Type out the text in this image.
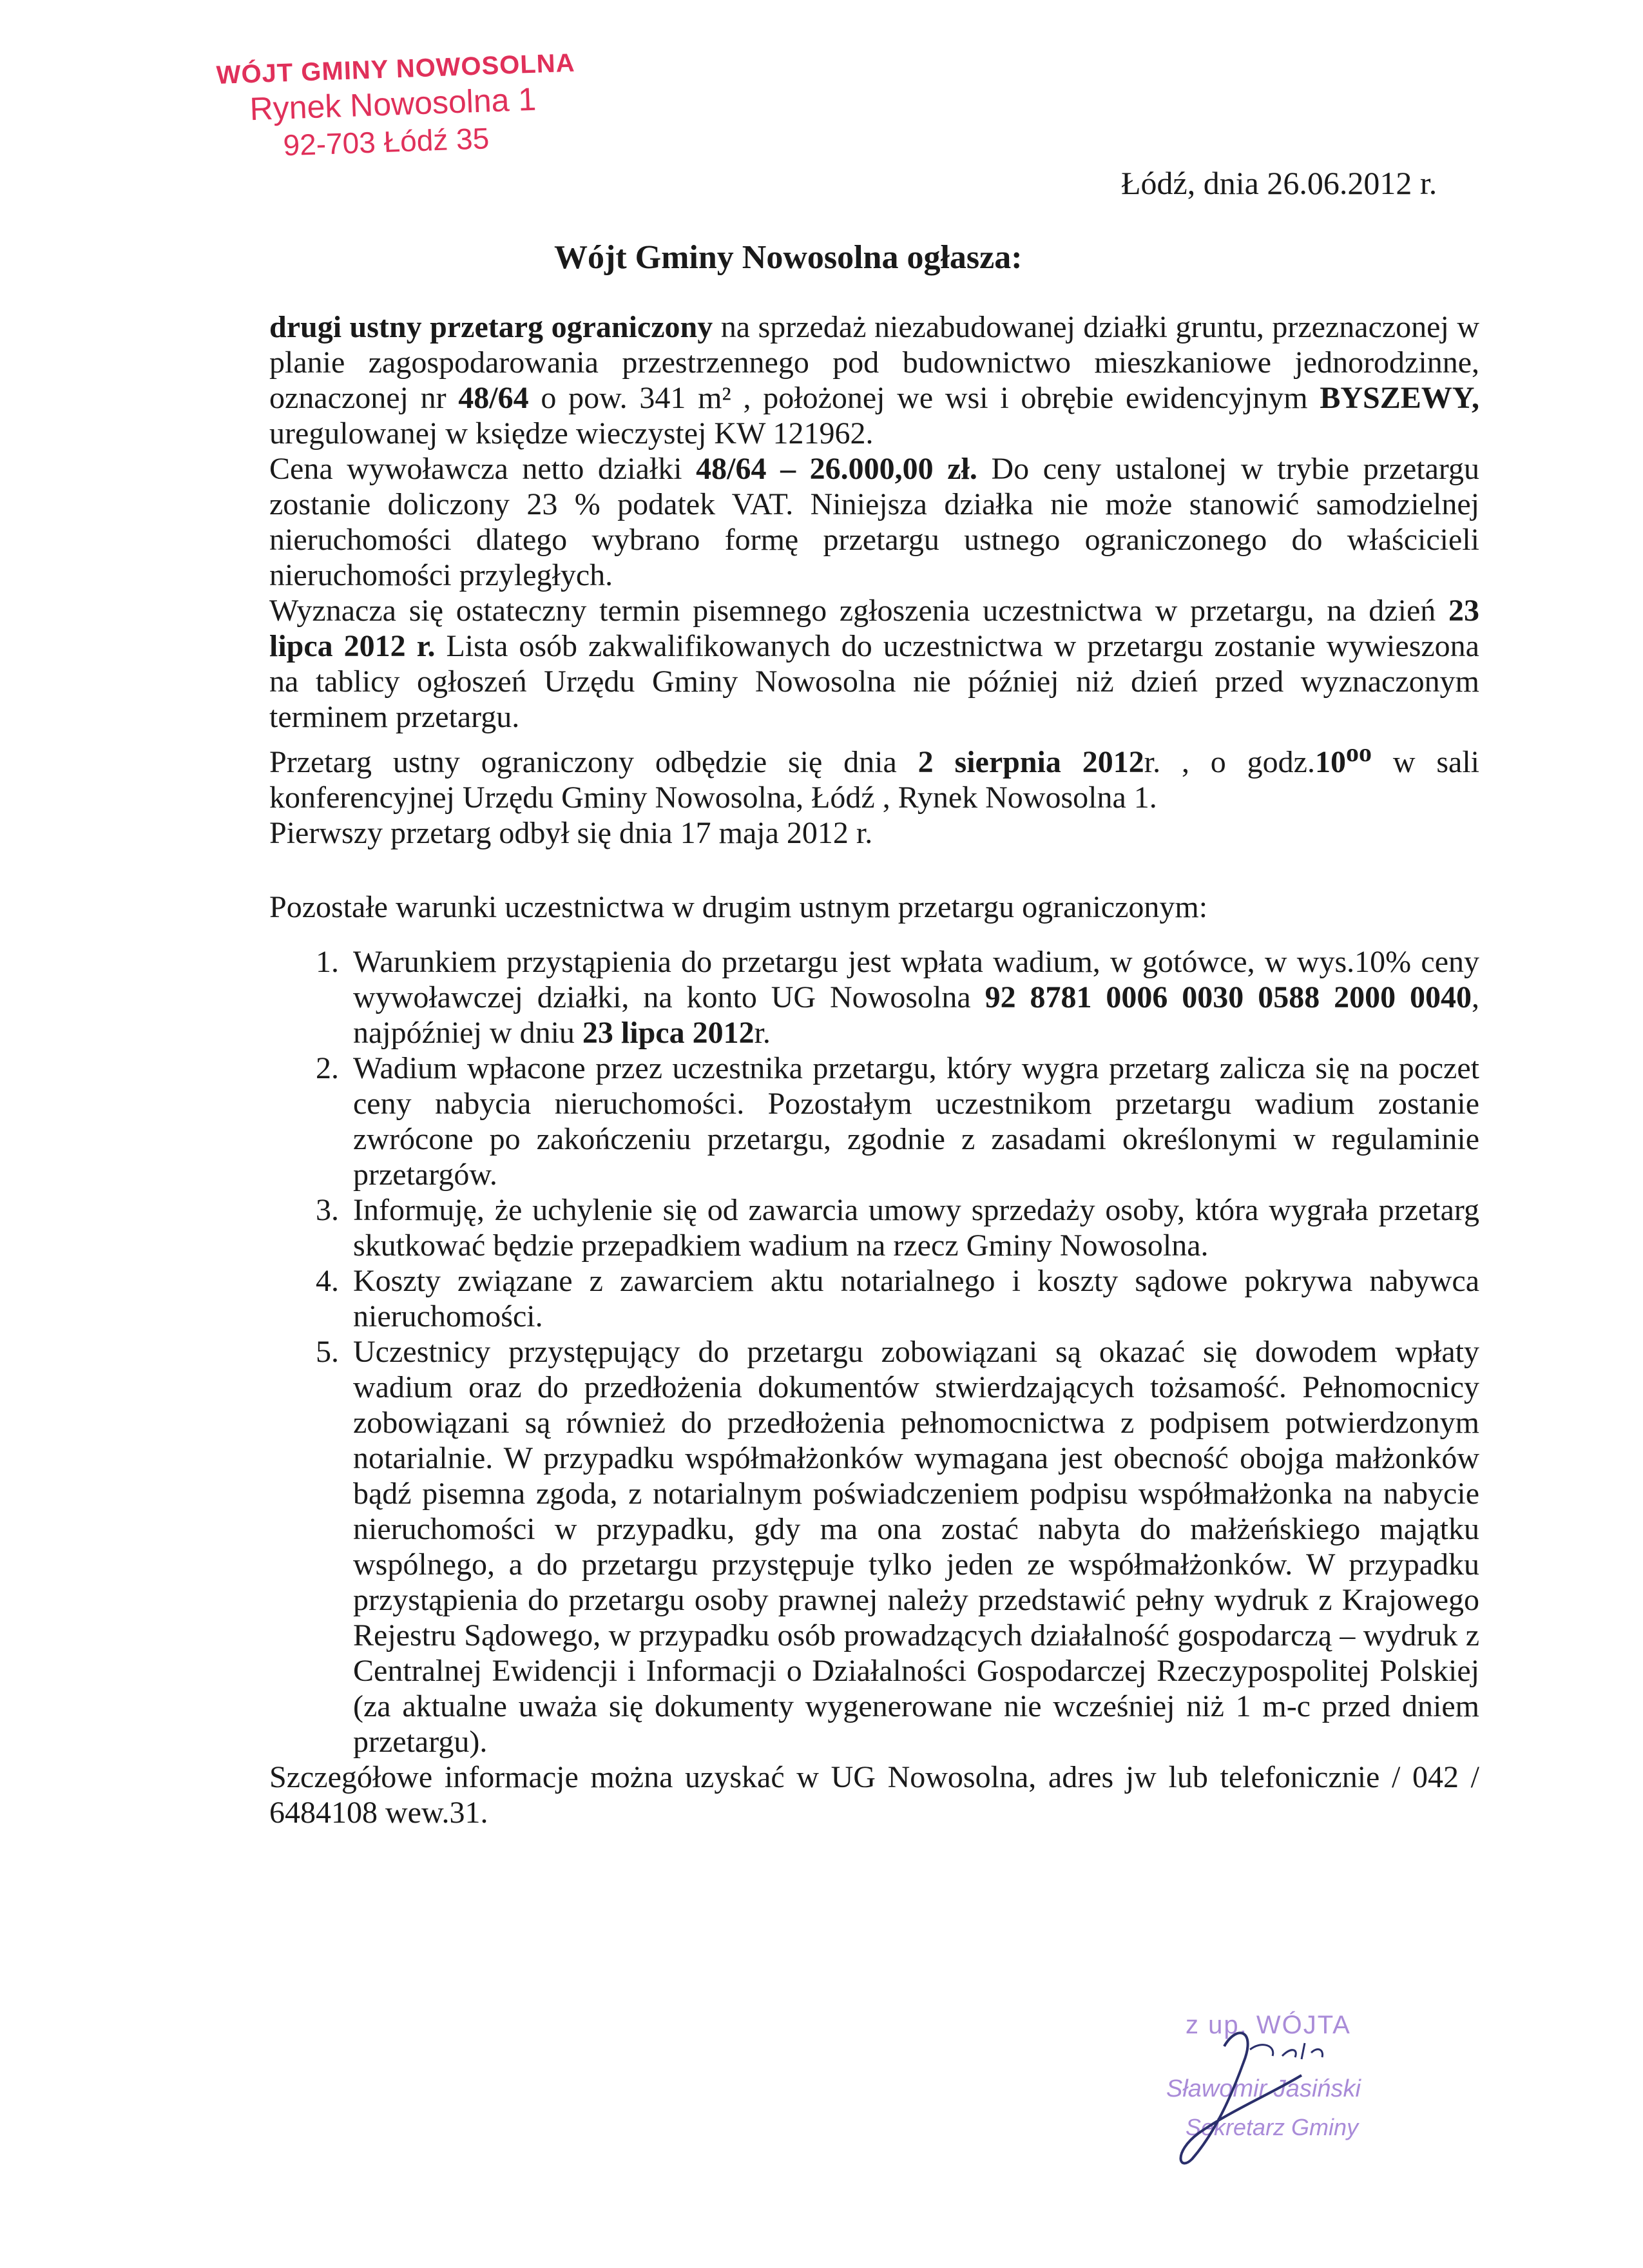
WÓJT GMINY NOWOSOLNA
Rynek Nowosolna 1
92-703 Łódź 35
Łódź, dnia 26.06.2012 r.
Wójt Gminy Nowosolna ogłasza:

drugi ustny przetarg ograniczony na sprzedaż niezabudowanej działki gruntu, przeznaczonej w planie zagospodarowania przestrzennego pod budownictwo mieszkaniowe jednorodzinne, oznaczonej nr 48/64 o pow. 341 m² , położonej we wsi i obrębie ewidencyjnym BYSZEWY, uregulowanej w księdze wieczystej KW 121962.

Cena wywoławcza netto działki 48/64 – 26.000,00 zł. Do ceny ustalonej w trybie przetargu zostanie doliczony 23 % podatek VAT. Niniejsza działka nie może stanowić samodzielnej nieruchomości dlatego wybrano formę przetargu ustnego ograniczonego do właścicieli nieruchomości przyległych.

Wyznacza się ostateczny termin pisemnego zgłoszenia uczestnictwa w przetargu, na dzień 23 lipca 2012 r. Lista osób zakwalifikowanych do uczestnictwa w przetargu zostanie wywieszona na tablicy ogłoszeń Urzędu Gminy Nowosolna nie później niż dzień przed wyznaczonym terminem przetargu.

Przetarg ustny ograniczony odbędzie się dnia 2 sierpnia 2012r. , o $godz.10^{oo}$ w sali konferencyjnej Urzędu Gminy Nowosolna, Łódź , Rynek Nowosolna 1.

Pierwszy przetarg odbył się dnia 17 maja 2012 r.

Pozostałe warunki uczestnictwa w drugim ustnym przetargu ograniczonym:

1. Warunkiem przystąpienia do przetargu jest wpłata wadium, w gotówce, w wys.10% ceny wywoławczej działki, na konto UG Nowosolna 92 8781 0006 0030 0588 2000 0040, najpóźniej w dniu 23 lipca 2012r.
2. Wadium wpłacone przez uczestnika przetargu, który wygra przetarg zalicza się na poczet ceny nabycia nieruchomości. Pozostałym uczestnikom przetargu wadium zostanie zwrócone po zakończeniu przetargu, zgodnie z zasadami określonymi w regulaminie przetargów.
3. Informuję, że uchylenie się od zawarcia umowy sprzedaży osoby, która wygrała przetarg skutkować będzie przepadkiem wadium na rzecz Gminy Nowosolna.
4. Koszty związane z zawarciem aktu notarialnego i koszty sądowe pokrywa nabywca nieruchomości.
5. Uczestnicy przystępujący do przetargu zobowiązani są okazać się dowodem wpłaty wadium oraz do przedłożenia dokumentów stwierdzających tożsamość. Pełnomocnicy zobowiązani są również do przedłożenia pełnomocnictwa z podpisem potwierdzonym notarialnie. W przypadku współmałżonków wymagana jest obecność obojga małżonków bądź pisemna zgoda, z notarialnym poświadczeniem podpisu współmałżonka na nabycie nieruchomości w przypadku, gdy ma ona zostać nabyta do małżeńskiego majątku wspólnego, a do przetargu przystępuje tylko jeden ze współmałżonków. W przypadku przystąpienia do przetargu osoby prawnej należy przedstawić pełny wydruk z Krajowego Rejestru Sądowego, w przypadku osób prowadzących działalność gospodarczą – wydruk z Centralnej Ewidencji i Informacji o Działalności Gospodarczej Rzeczypospolitej Polskiej (za aktualne uważa się dokumenty wygenerowane nie wcześniej niż 1 m-c przed dniem przetargu).

Szczegółowe informacje można uzyskać w UG Nowosolna, adres jw lub telefonicznie / 042 / 6484108 wew.31.

z up. WÓJTA
Sławomir Jasiński
Sekretarz Gminy
